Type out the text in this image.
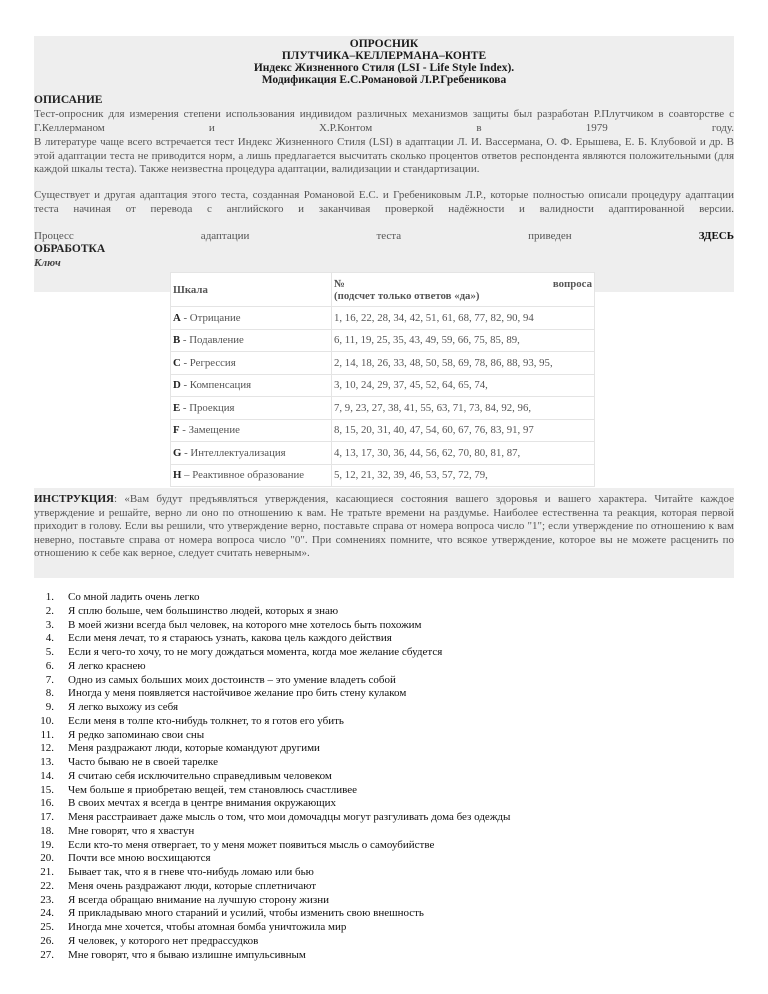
ОПРОСНИК
ПЛУТЧИКА–КЕЛЛЕРМАНА–КОНТЕ
Индекс Жизненного Стиля (LSI - Life Style Index).
Модификация Е.С.Романовой Л.Р.Гребеникова
ОПИСАНИЕ

Тест-опросник для измерения степени использования индивидом различных механизмов защиты был разработан Р.Плутчиком в соавторстве с Г.Келлерманом и Х.Р.Контом в 1979 году.

В литературе чаще всего встречается тест Индекс Жизненного Стиля (LSI) в адаптации Л. И. Вассермана, О. Ф. Ерышева, Е. Б. Клубовой и др. В этой адаптации теста не приводится норм, а лишь предлагается высчитать сколько процентов ответов респондента являются положительными (для каждой шкалы теста). Также неизвестна процедура адаптации, валидизации и стандартизации.

Существует и другая адаптация этого теста, созданная Романовой Е.С. и Гребениковым Л.Р., которые полностью описали процедуру адаптации теста начиная от перевода с английского и заканчивая проверкой надёжности и валидности адаптированной версии.

Процесс адаптации теста приведен	ЗДЕСЬ

ОБРАБОТКА
Ключ
Шкала	№ вопроса
(подсчет только ответов «да»)

A - Отрицание	1, 16, 22, 28, 34, 42, 51, 61, 68, 77, 82, 90, 94
B - Подавление	6, 11, 19, 25, 35, 43, 49, 59, 66, 75, 85, 89,
C - Регрессия	2, 14, 18, 26, 33, 48, 50, 58, 69, 78, 86, 88, 93, 95,
D - Компенсация	3, 10, 24, 29, 37, 45, 52, 64, 65, 74,
E - Проекция	7, 9, 23, 27, 38, 41, 55, 63, 71, 73, 84, 92, 96,
F - Замещение	8, 15, 20, 31, 40, 47, 54, 60, 67, 76, 83, 91, 97
G - Интеллектуализация	4, 13, 17, 30, 36, 44, 56, 62, 70, 80, 81, 87,
H – Реактивное образование	5, 12, 21, 32, 39, 46, 53, 57, 72, 79,

ИНСТРУКЦИЯ: «Вам будут предъявляться утверждения, касающиеся состояния вашего здоровья и вашего характера. Читайте каждое утверждение и решайте, верно ли оно по отношению к вам. Не тратьте времени на раздумье. Наиболее естественна та реакция, которая первой приходит в голову. Если вы решили, что утверждение верно, поставьте справа от номера вопроса число "1"; если утверждение по отношению к вам неверно, поставьте справа от номера вопроса число "0". При сомнениях помните, что всякое утверждение, которое вы не можете расценить по отношению к себе как верное, следует считать неверным».

1.	Со мной ладить очень легко
2.	Я сплю больше, чем большинство людей, которых я знаю
3.	В моей жизни всегда был человек, на которого мне хотелось быть похожим
4.	Если меня лечат, то я стараюсь узнать, какова цель каждого действия
5.	Если я чего-то хочу, то не могу дождаться момента, когда мое желание сбудется
6.	Я легко краснею
7.	Одно из самых больших моих достоинств – это умение владеть собой
8.	Иногда у меня появляется настойчивое желание про бить стену кулаком
9.	Я легко выхожу из себя
10.	Если меня в толпе кто-нибудь толкнет, то я готов его убить
11.	Я редко запоминаю свои сны
12.	Меня раздражают люди, которые командуют другими
13.	Часто бываю не в своей тарелке
14.	Я считаю себя исключительно справедливым человеком
15.	Чем больше я приобретаю вещей, тем становлюсь счастливее
16.	В своих мечтах я всегда в центре внимания окружающих
17.	Меня расстраивает даже мысль о том, что мои домочадцы могут разгуливать дома без одежды
18.	Мне говорят, что я хвастун
19.	Если кто-то меня отвергает, то у меня может появиться мысль о самоубийстве
20.	Почти все мною восхищаются
21.	Бывает так, что я в гневе что-нибудь ломаю или бью
22.	Меня очень раздражают люди, которые сплетничают
23.	Я всегда обращаю внимание на лучшую сторону жизни
24.	Я прикладываю много стараний и усилий, чтобы изменить свою внешность
25.	Иногда мне хочется, чтобы атомная бомба уничтожила мир
26.	Я человек, у которого нет предрассудков
27.	Мне говорят, что я бываю излишне импульсивным
